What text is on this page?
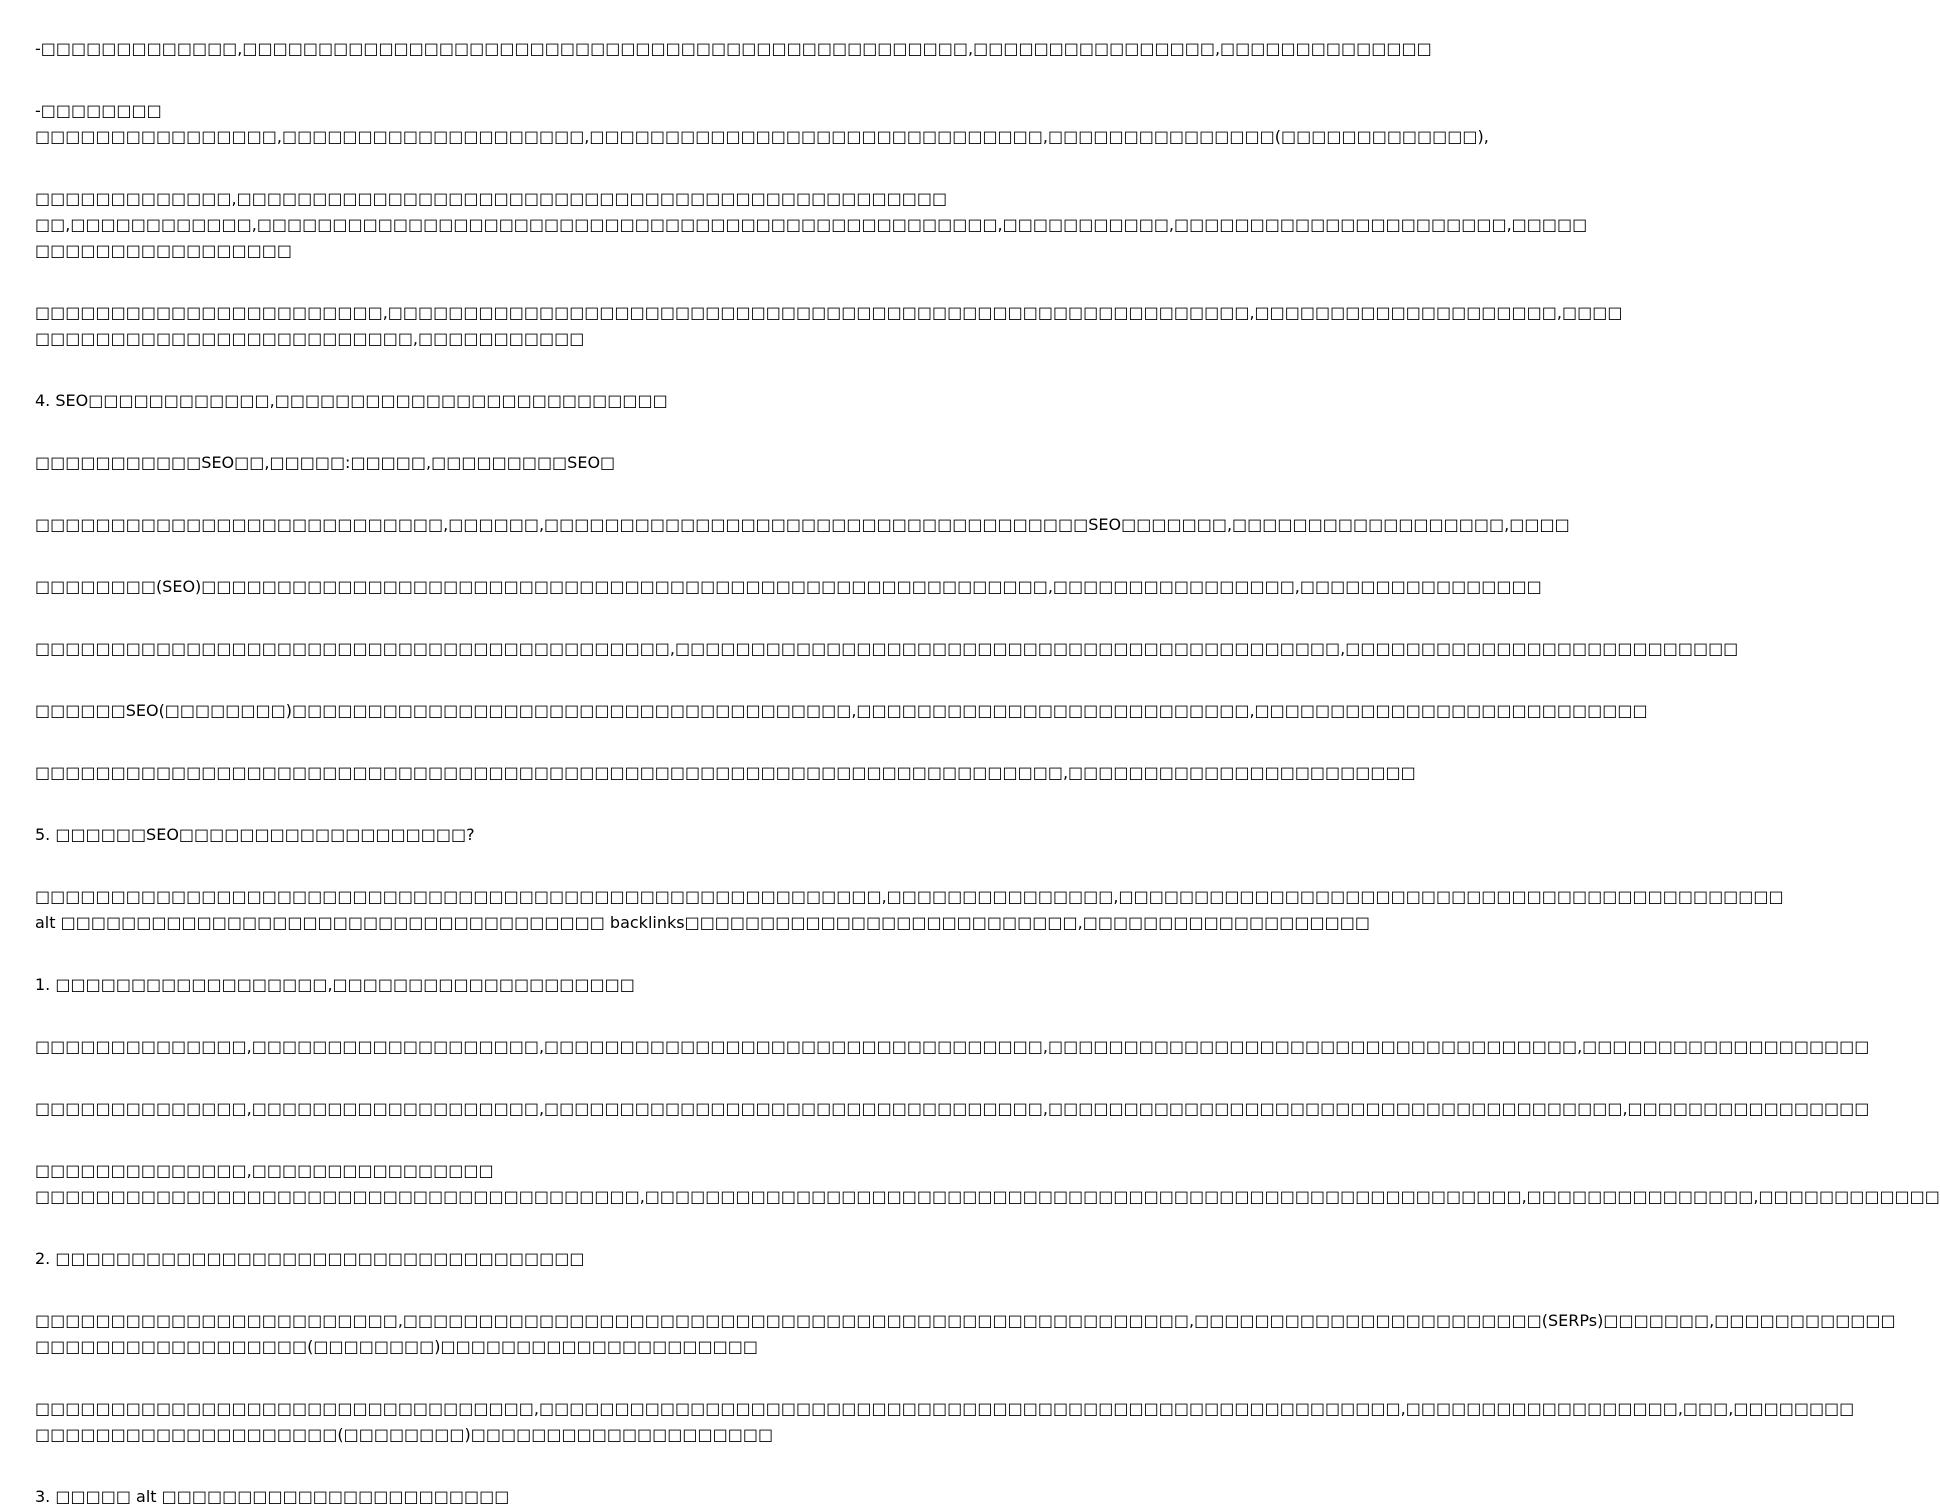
-□□□□□□□□□□□□□,□□□□□□□□□□□□□□□□□□□□□□□□□□□□□□□□□□□□□□□□□□□□□□□□,□□□□□□□□□□□□□□□□,□□□□□□□□□□□□□□
-□□□□□□□□
□□□□□□□□□□□□□□□□,□□□□□□□□□□□□□□□□□□□□,□□□□□□□□□□□□□□□□□□□□□□□□□□□□□□,□□□□□□□□□□□□□□□(□□□□□□□□□□□□□),
□□□□□□□□□□□□□,□□□□□□□□□□□□□□□□□□□□□□□□□□□□□□□□□□□□□□□□□□□□□□□
□□,□□□□□□□□□□□□,□□□□□□□□□□□□□□□□□□□□□□□□□□□□□□□□□□□□□□□□□□□□□□□□□,□□□□□□□□□□□,□□□□□□□□□□□□□□□□□□□□□□,□□□□□
□□□□□□□□□□□□□□□□□
□□□□□□□□□□□□□□□□□□□□□□□,□□□□□□□□□□□□□□□□□□□□□□□□□□□□□□□□□□□□□□□□□□□□□□□□□□□□□□□□□,□□□□□□□□□□□□□□□□□□□□,□□□□
□□□□□□□□□□□□□□□□□□□□□□□□□,□□□□□□□□□□□
4. SEO□□□□□□□□□□□□,□□□□□□□□□□□□□□□□□□□□□□□□□□
□□□□□□□□□□□SEO□□,□□□□□:□□□□□,□□□□□□□□□SEO□
□□□□□□□□□□□□□□□□□□□□□□□□□□□,□□□□□□,□□□□□□□□□□□□□□□□□□□□□□□□□□□□□□□□□□□□SEO□□□□□□□,□□□□□□□□□□□□□□□□□□,□□□□
□□□□□□□□(SEO)□□□□□□□□□□□□□□□□□□□□□□□□□□□□□□□□□□□□□□□□□□□□□□□□□□□□□□□□,□□□□□□□□□□□□□□□□,□□□□□□□□□□□□□□□□
□□□□□□□□□□□□□□□□□□□□□□□□□□□□□□□□□□□□□□□□□□,□□□□□□□□□□□□□□□□□□□□□□□□□□□□□□□□□□□□□□□□□□□□,□□□□□□□□□□□□□□□□□□□□□□□□□□
□□□□□□SEO(□□□□□□□□)□□□□□□□□□□□□□□□□□□□□□□□□□□□□□□□□□□□□□,□□□□□□□□□□□□□□□□□□□□□□□□□□,□□□□□□□□□□□□□□□□□□□□□□□□□□
□□□□□□□□□□□□□□□□□□□□□□□□□□□□□□□□□□□□□□□□□□□□□□□□□□□□□□□□□□□□□□□□□□□□,□□□□□□□□□□□□□□□□□□□□□□□
5. □□□□□□SEO□□□□□□□□□□□□□□□□□□□?
□□□□□□□□□□□□□□□□□□□□□□□□□□□□□□□□□□□□□□□□□□□□□□□□□□□□□□□□,□□□□□□□□□□□□□□□,□□□□□□□□□□□□□□□□□□□□□□□□□□□□□□□□□□□□□□□□□□□□
alt □□□□□□□□□□□□□□□□□□□□□□□□□□□□□□□□□□□□ backlinks□□□□□□□□□□□□□□□□□□□□□□□□□□,□□□□□□□□□□□□□□□□□□□
1. □□□□□□□□□□□□□□□□□□,□□□□□□□□□□□□□□□□□□□□
□□□□□□□□□□□□□□,□□□□□□□□□□□□□□□□□□□,□□□□□□□□□□□□□□□□□□□□□□□□□□□□□□□□□,□□□□□□□□□□□□□□□□□□□□□□□□□□□□□□□□□□□,□□□□□□□□□□□□□□□□□□□
□□□□□□□□□□□□□□,□□□□□□□□□□□□□□□□□□□,□□□□□□□□□□□□□□□□□□□□□□□□□□□□□□□□□,□□□□□□□□□□□□□□□□□□□□□□□□□□□□□□□□□□□□□□,□□□□□□□□□□□□□□□□
□□□□□□□□□□□□□□,□□□□□□□□□□□□□□□□
□□□□□□□□□□□□□□□□□□□□□□□□□□□□□□□□□□□□□□□□,□□□□□□□□□□□□□□□□□□□□□□□□□□□□□□□□□□□□□□□□□□□□□□□□□□□□□□□□□□,□□□□□□□□□□□□□□□,□□□□□□□□□□□□
2. □□□□□□□□□□□□□□□□□□□□□□□□□□□□□□□□□□□
□□□□□□□□□□□□□□□□□□□□□□□□,□□□□□□□□□□□□□□□□□□□□□□□□□□□□□□□□□□□□□□□□□□□□□□□□□□□□,□□□□□□□□□□□□□□□□□□□□□□□(SERPs)□□□□□□□,□□□□□□□□□□□□
□□□□□□□□□□□□□□□□□□(□□□□□□□□)□□□□□□□□□□□□□□□□□□□□□
□□□□□□□□□□□□□□□□□□□□□□□□□□□□□□□□□,□□□□□□□□□□□□□□□□□□□□□□□□□□□□□□□□□□□□□□□□□□□□□□□□□□□□□□□□□,□□□□□□□□□□□□□□□□□□,□□□,□□□□□□□□
□□□□□□□□□□□□□□□□□□□□(□□□□□□□□)□□□□□□□□□□□□□□□□□□□□
3. □□□□□ alt □□□□□□□□□□□□□□□□□□□□□□□
